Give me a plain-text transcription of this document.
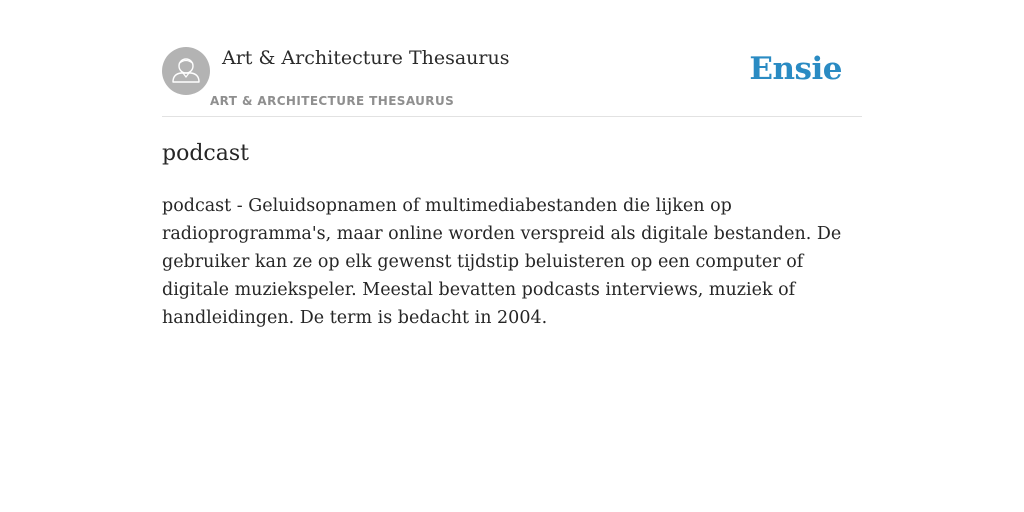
Art & Architecture Thesaurus
ART & ARCHITECTURE THESAURUS
Ensie
podcast

podcast - Geluidsopnamen of multimediabestanden die lijken op radioprogramma's, maar online worden verspreid als digitale bestanden. De gebruiker kan ze op elk gewenst tijdstip beluisteren op een computer of digitale muziekspeler. Meestal bevatten podcasts interviews, muziek of handleidingen. De term is bedacht in 2004.
